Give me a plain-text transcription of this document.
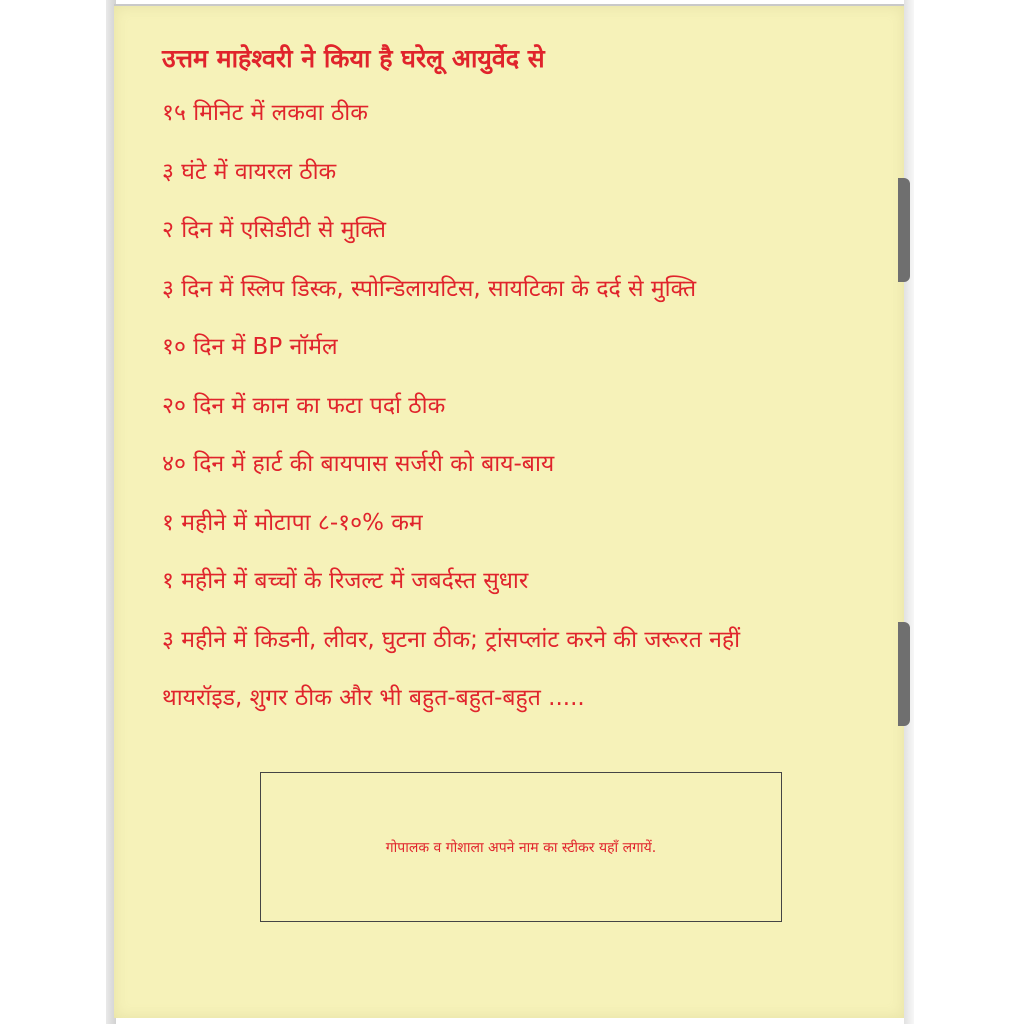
उत्तम माहेश्वरी ने किया है घरेलू आयुर्वेद से
१५ मिनिट में लकवा ठीक
३ घंटे में वायरल ठीक
२ दिन में एसिडीटी से मुक्ति
३ दिन में स्लिप डिस्क, स्पोन्डिलायटिस, सायटिका के दर्द से मुक्ति
१० दिन में BP नॉर्मल
२० दिन में कान का फटा पर्दा ठीक
४० दिन में हार्ट की बायपास सर्जरी को बाय-बाय
१ महीने में मोटापा ८-१०% कम
१ महीने में बच्चों के रिजल्ट में जबर्दस्त सुधार
३ महीने में किडनी, लीवर, घुटना ठीक; ट्रांसप्लांट करने की जरूरत नहीं
थायरॉइड, शुगर ठीक और भी बहुत-बहुत-बहुत .....
गोपालक व गोशाला अपने नाम का स्टीकर यहाँ लगायें.
